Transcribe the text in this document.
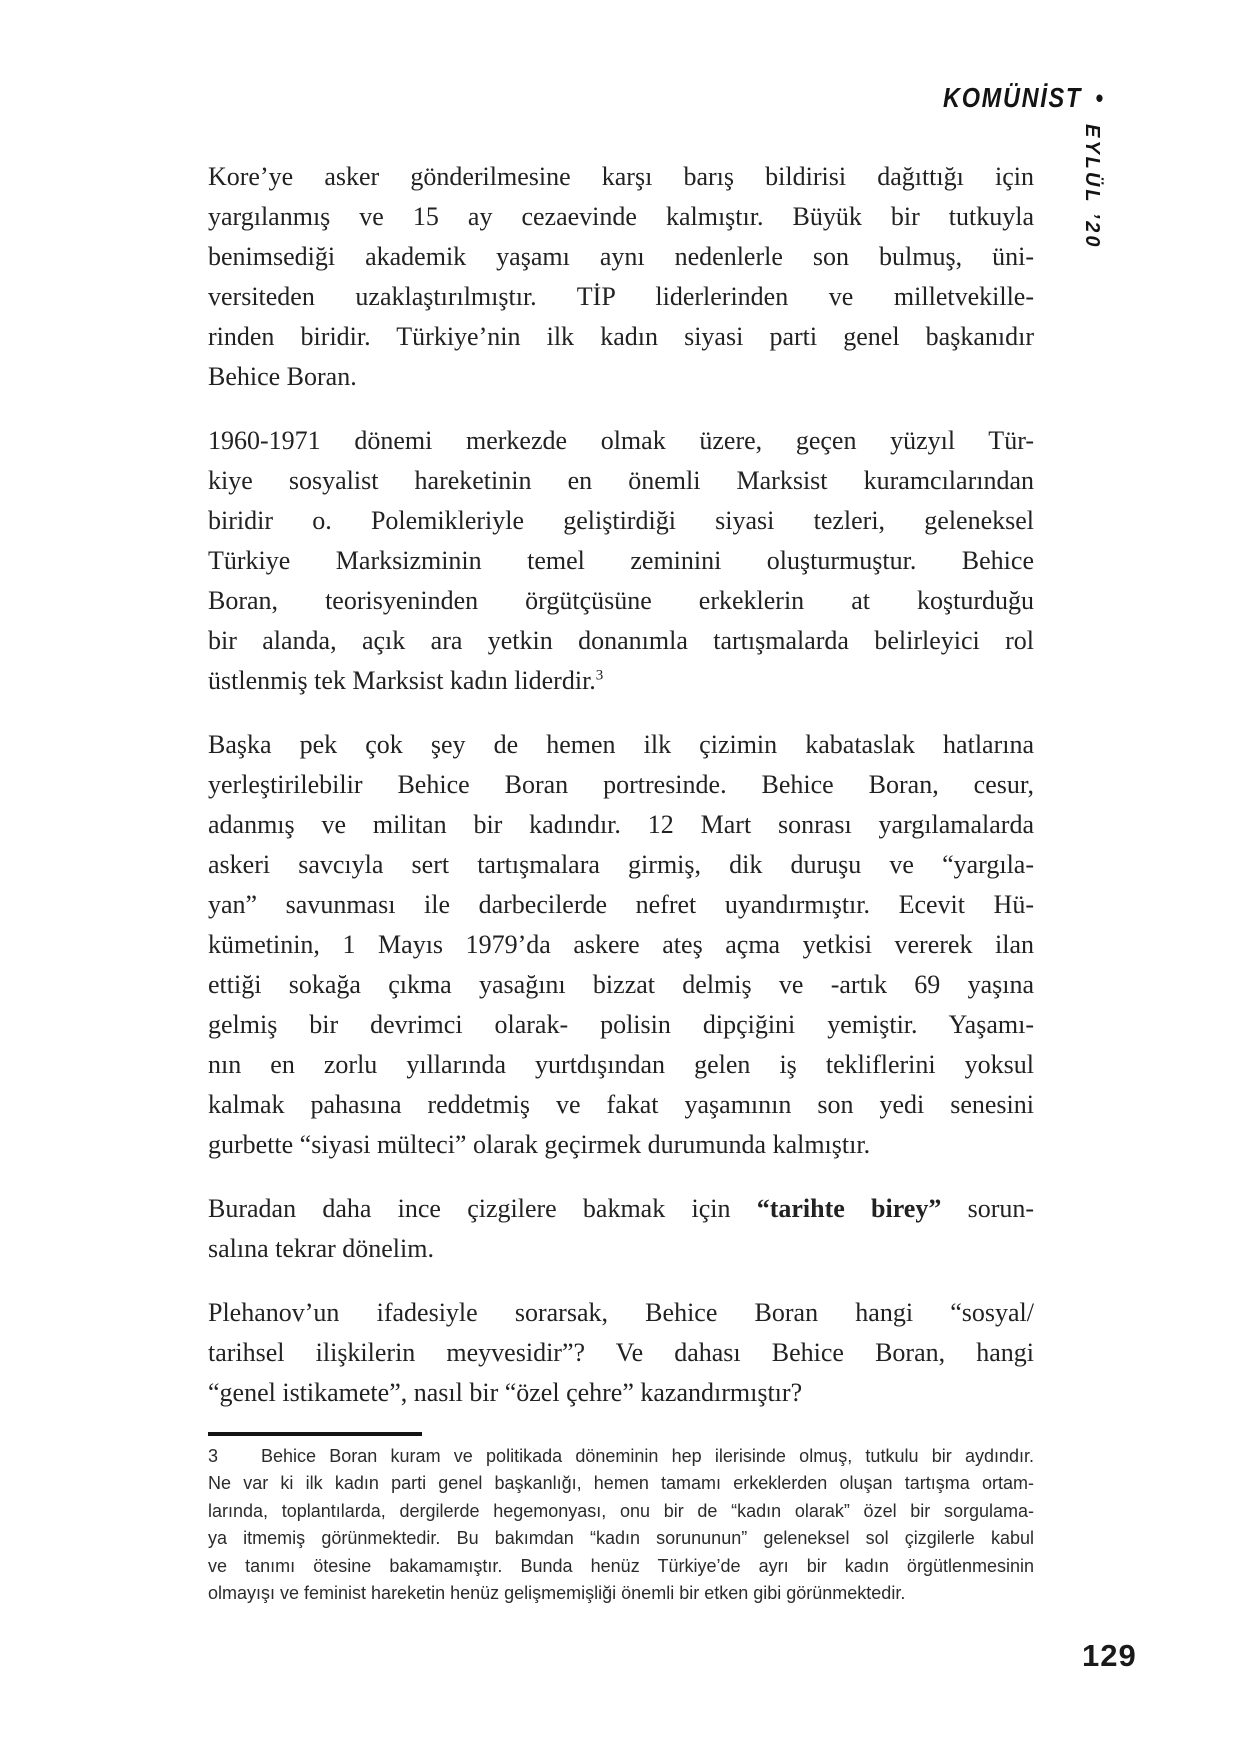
KOMÜNİST •
EYLÜL ’20
Kore’ye asker gönderilmesine karşı barış bildirisi dağıttığı için
yargılanmış ve 15 ay cezaevinde kalmıştır. Büyük bir tutkuyla
benimsediği akademik yaşamı aynı nedenlerle son bulmuş, üni-
versiteden uzaklaştırılmıştır. TİP liderlerinden ve milletvekille-
rinden biridir. Türkiye’nin ilk kadın siyasi parti genel başkanıdır
Behice Boran.
1960-1971 dönemi merkezde olmak üzere, geçen yüzyıl Tür-
kiye sosyalist hareketinin en önemli Marksist kuramcılarından
biridir o. Polemikleriyle geliştirdiği siyasi tezleri, geleneksel
Türkiye Marksizminin temel zeminini oluşturmuştur. Behice
Boran, teorisyeninden örgütçüsüne erkeklerin at koşturduğu
bir alanda, açık ara yetkin donanımla tartışmalarda belirleyici rol
üstlenmiş tek Marksist kadın liderdir.$^3$
Başka pek çok şey de hemen ilk çizimin kabataslak hatlarına
yerleştirilebilir Behice Boran portresinde. Behice Boran, cesur,
adanmış ve militan bir kadındır. 12 Mart sonrası yargılamalarda
askeri savcıyla sert tartışmalara girmiş, dik duruşu ve “yargıla-
yan” savunması ile darbecilerde nefret uyandırmıştır. Ecevit Hü-
kümetinin, 1 Mayıs 1979’da askere ateş açma yetkisi vererek ilan
ettiği sokağa çıkma yasağını bizzat delmiş ve -artık 69 yaşına
gelmiş bir devrimci olarak- polisin dipçiğini yemiştir. Yaşamı-
nın en zorlu yıllarında yurtdışından gelen iş tekliflerini yoksul
kalmak pahasına reddetmiş ve fakat yaşamının son yedi senesini
gurbette “siyasi mülteci” olarak geçirmek durumunda kalmıştır.
Buradan daha ince çizgilere bakmak için “tarihte birey” sorun-
salına tekrar dönelim.
Plehanov’un ifadesiyle sorarsak, Behice Boran hangi “sosyal/
tarihsel ilişkilerin meyvesidir”? Ve dahası Behice Boran, hangi
“genel istikamete”, nasıl bir “özel çehre” kazandırmıştır?
3 Behice Boran kuram ve politikada döneminin hep ilerisinde olmuş, tutkulu bir aydındır.
Ne var ki ilk kadın parti genel başkanlığı, hemen tamamı erkeklerden oluşan tartışma ortam-
larında, toplantılarda, dergilerde hegemonyası, onu bir de “kadın olarak” özel bir sorgulama-
ya itmemiş görünmektedir. Bu bakımdan “kadın sorununun” geleneksel sol çizgilerle kabul
ve tanımı ötesine bakamamıştır. Bunda henüz Türkiye’de ayrı bir kadın örgütlenmesinin
olmayışı ve feminist hareketin henüz gelişmemişliği önemli bir etken gibi görünmektedir.
129
